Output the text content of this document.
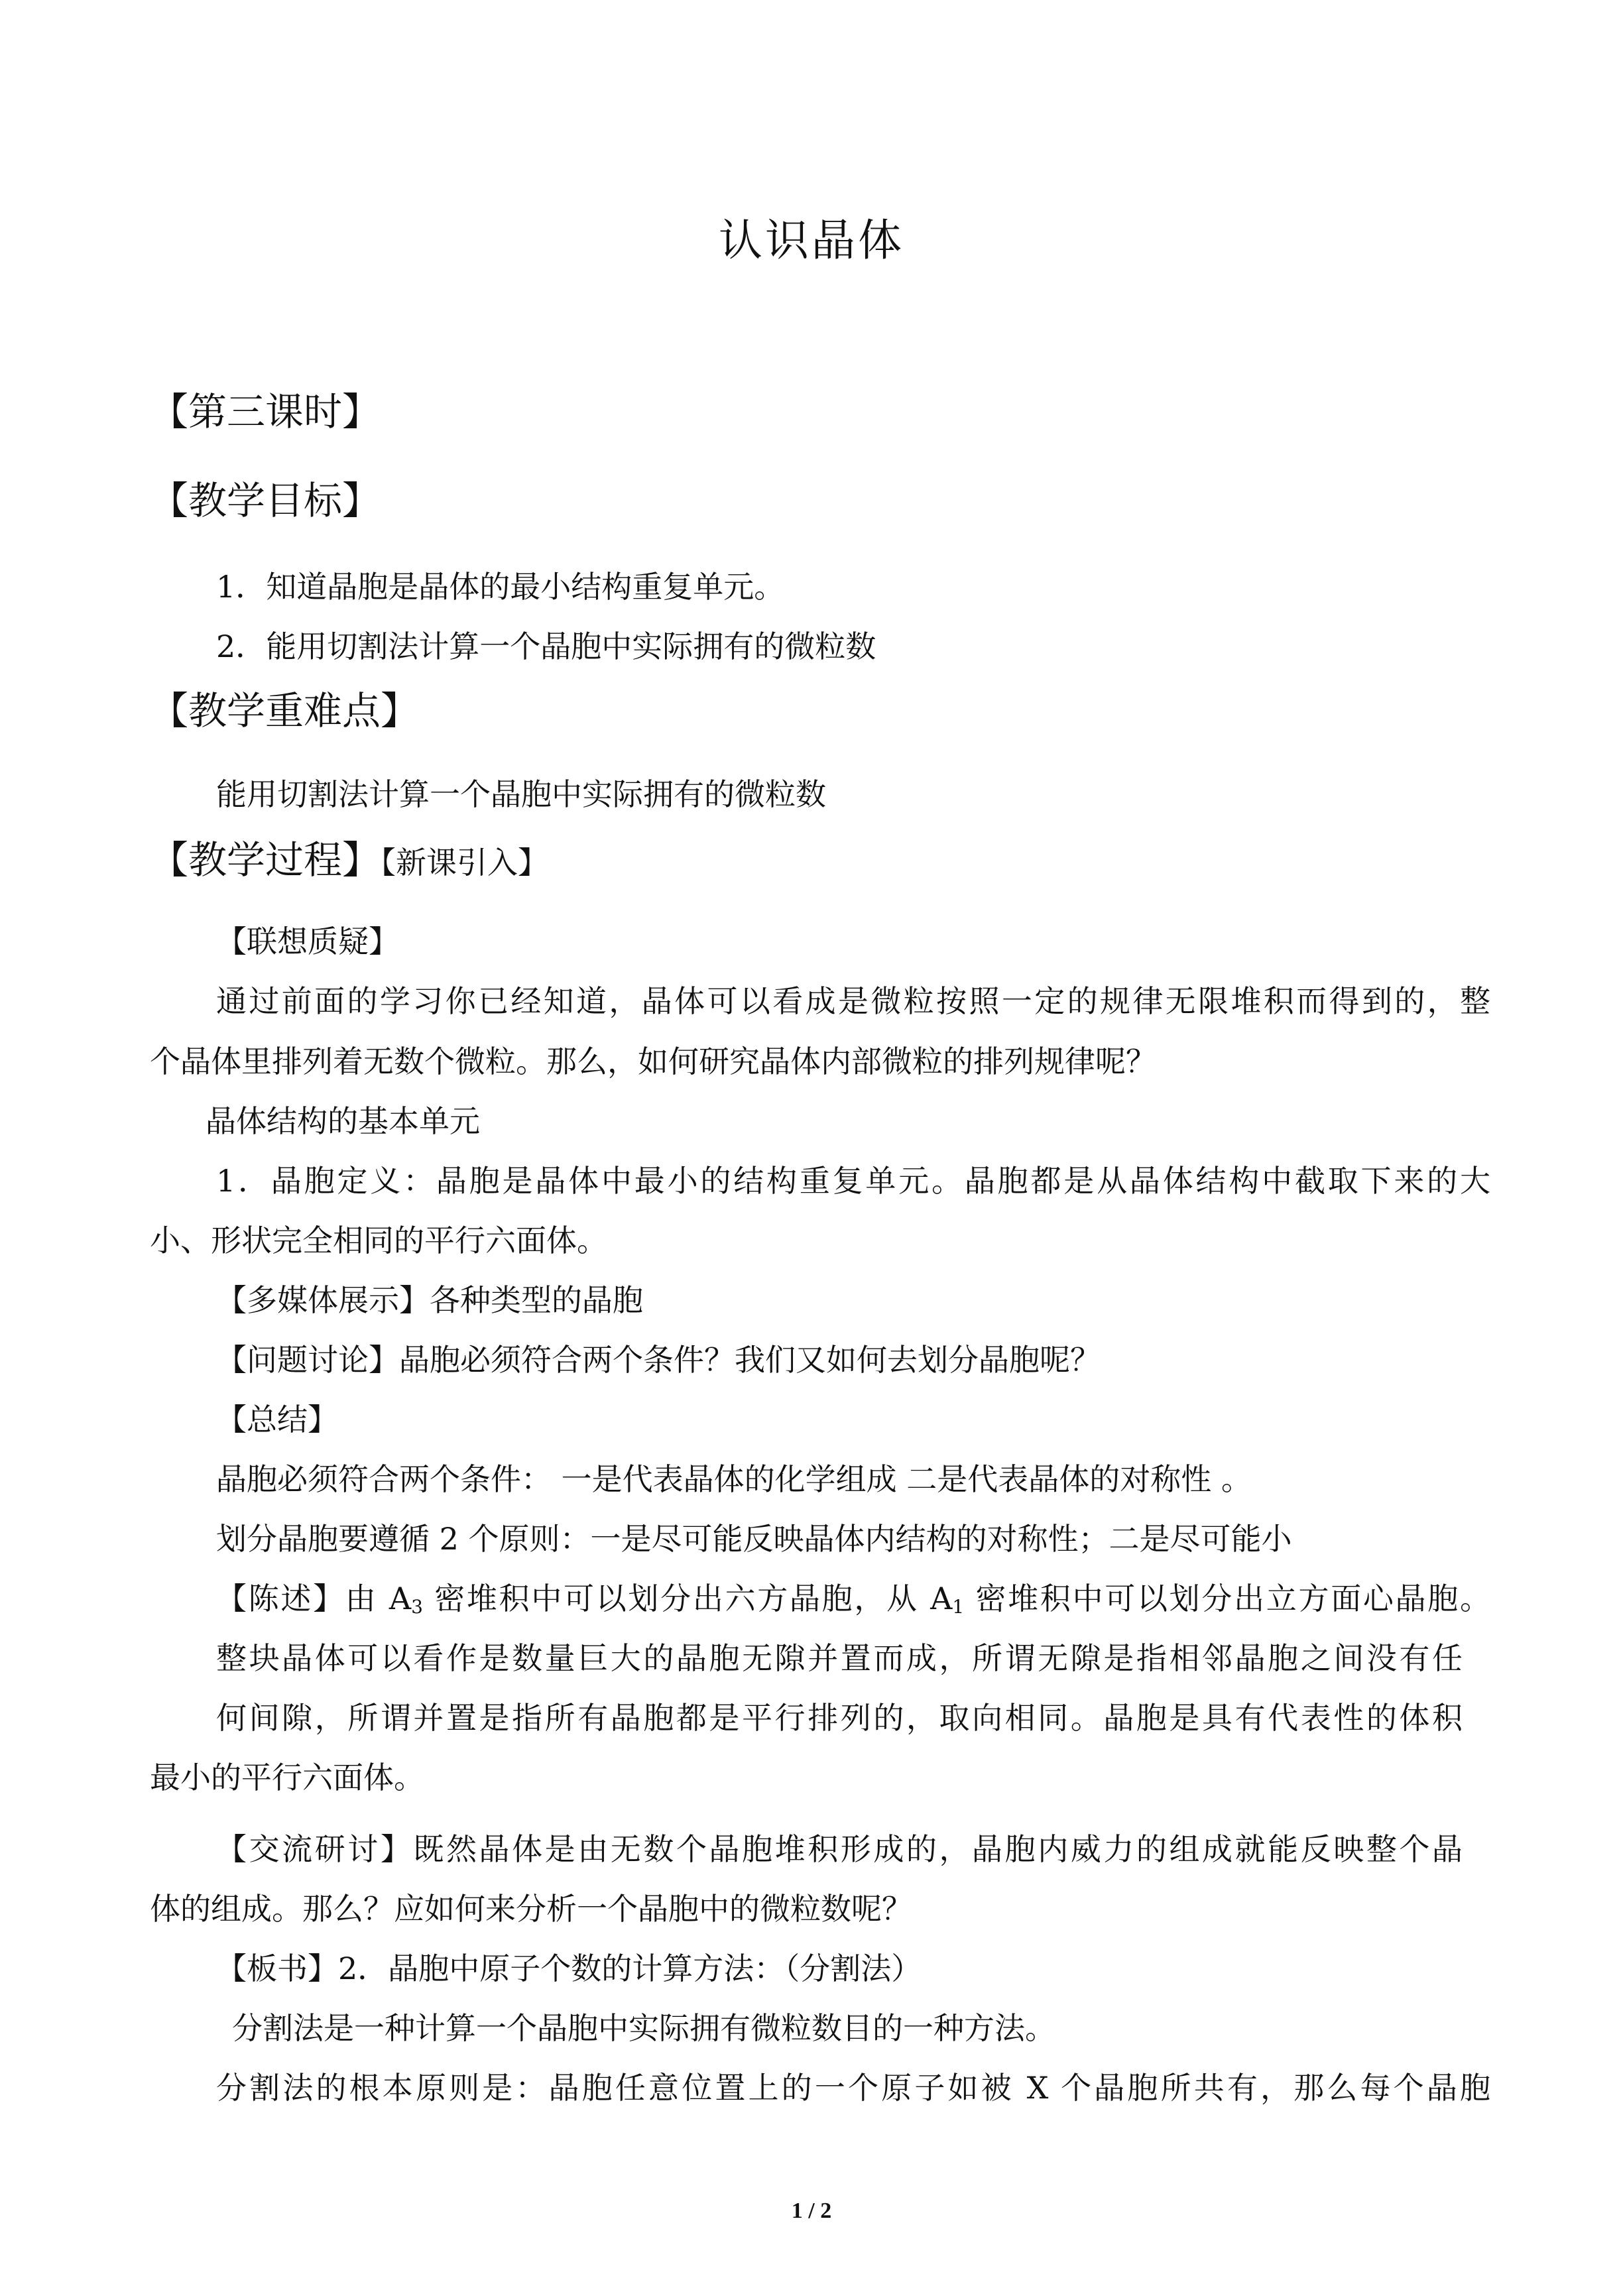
认识晶体
【第三课时】
【教学目标】
1．知道晶胞是晶体的最小结构重复单元。
2．能用切割法计算一个晶胞中实际拥有的微粒数
【教学重难点】
能用切割法计算一个晶胞中实际拥有的微粒数
【教学过程】【新课引入】
【联想质疑】
通过前面的学习你已经知道，晶体可以看成是微粒按照一定的规律无限堆积而得到的，整
个晶体里排列着无数个微粒。那么，如何研究晶体内部微粒的排列规律呢？
晶体结构的基本单元
1．晶胞定义：晶胞是晶体中最小的结构重复单元。晶胞都是从晶体结构中截取下来的大
小、形状完全相同的平行六面体。
【多媒体展示】各种类型的晶胞
【问题讨论】晶胞必须符合两个条件？我们又如何去划分晶胞呢？
【总结】
晶胞必须符合两个条件： 一是代表晶体的化学组成 二是代表晶体的对称性 。
划分晶胞要遵循 2 个原则：一是尽可能反映晶体内结构的对称性；二是尽可能小
【陈述】由 $A_3$ 密堆积中可以划分出六方晶胞，从 $A_1$ 密堆积中可以划分出立方面心晶胞。
整块晶体可以看作是数量巨大的晶胞无隙并置而成，所谓无隙是指相邻晶胞之间没有任
何间隙，所谓并置是指所有晶胞都是平行排列的，取向相同。晶胞是具有代表性的体积
最小的平行六面体。
【交流研讨】既然晶体是由无数个晶胞堆积形成的，晶胞内威力的组成就能反映整个晶
体的组成。那么？应如何来分析一个晶胞中的微粒数呢？
【板书】2．晶胞中原子个数的计算方法：（分割法）
分割法是一种计算一个晶胞中实际拥有微粒数目的一种方法。
分割法的根本原则是：晶胞任意位置上的一个原子如被 X 个晶胞所共有，那么每个晶胞
1 / 2
